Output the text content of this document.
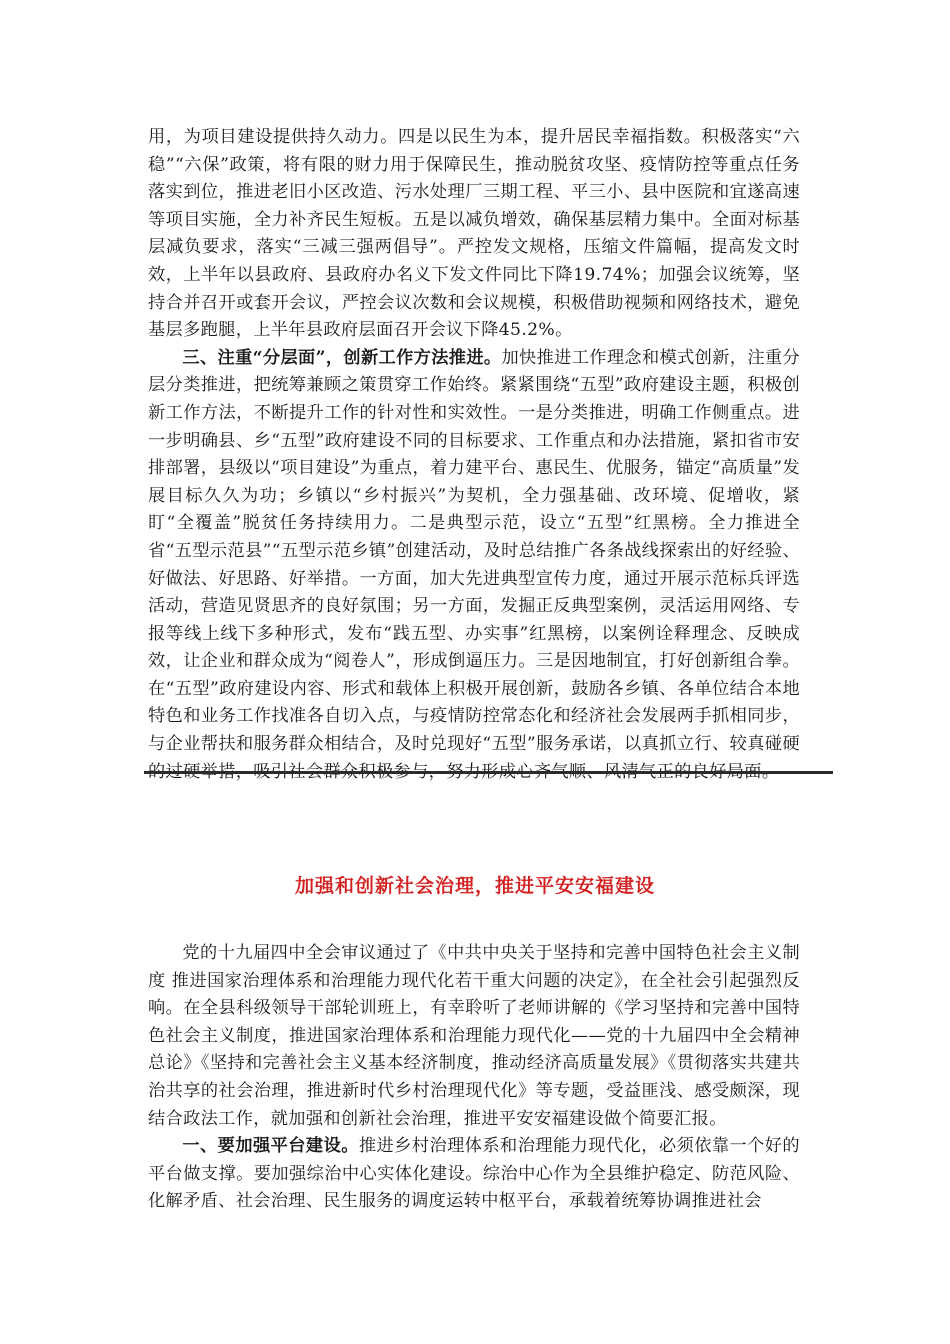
用，为项目建设提供持久动力。四是以民生为本，提升居民幸福指数。积极落实“六稳”“六保”政策，将有限的财力用于保障民生，推动脱贫攻坚、疫情防控等重点任务落实到位，推进老旧小区改造、污水处理厂三期工程、平三小、县中医院和宜遂高速等项目实施，全力补齐民生短板。五是以减负增效，确保基层精力集中。全面对标基层减负要求，落实“三减三强两倡导”。严控发文规格，压缩文件篇幅，提高发文时效，上半年以县政府、县政府办名义下发文件同比下降19.74%；加强会议统筹，坚持合并召开或套开会议，严控会议次数和会议规模，积极借助视频和网络技术，避免基层多跑腿，上半年县政府层面召开会议下降45.2%。

三、注重“分层面”，创新工作方法推进。加快推进工作理念和模式创新，注重分层分类推进，把统筹兼顾之策贯穿工作始终。紧紧围绕“五型”政府建设主题，积极创新工作方法，不断提升工作的针对性和实效性。一是分类推进，明确工作侧重点。进一步明确县、乡“五型”政府建设不同的目标要求、工作重点和办法措施，紧扣省市安排部署，县级以“项目建设”为重点，着力建平台、惠民生、优服务，锚定“高质量”发展目标久久为功；乡镇以“乡村振兴”为契机，全力强基础、改环境、促增收，紧盯“全覆盖”脱贫任务持续用力。二是典型示范，设立“五型”红黑榜。全力推进全省“五型示范县”“五型示范乡镇”创建活动，及时总结推广各条战线探索出的好经验、好做法、好思路、好举措。一方面，加大先进典型宣传力度，通过开展示范标兵评选活动，营造见贤思齐的良好氛围；另一方面，发掘正反典型案例，灵活运用网络、专报等线上线下多种形式，发布“践五型、办实事”红黑榜，以案例诠释理念、反映成效，让企业和群众成为“阅卷人”，形成倒逼压力。三是因地制宜，打好创新组合拳。在“五型”政府建设内容、形式和载体上积极开展创新，鼓励各乡镇、各单位结合本地特色和业务工作找准各自切入点，与疫情防控常态化和经济社会发展两手抓相同步，与企业帮扶和服务群众相结合，及时兑现好“五型”服务承诺，以真抓立行、较真碰硬的过硬举措，吸引社会群众积极参与，努力形成心齐气顺、风清气正的良好局面。

加强和创新社会治理，推进平安安福建设

党的十九届四中全会审议通过了《中共中央关于坚持和完善中国特色社会主义制度 推进国家治理体系和治理能力现代化若干重大问题的决定》，在全社会引起强烈反响。在全县科级领导干部轮训班上，有幸聆听了老师讲解的《学习坚持和完善中国特色社会主义制度，推进国家治理体系和治理能力现代化——党的十九届四中全会精神总论》《坚持和完善社会主义基本经济制度，推动经济高质量发展》《贯彻落实共建共治共享的社会治理，推进新时代乡村治理现代化》等专题，受益匪浅、感受颇深，现结合政法工作，就加强和创新社会治理，推进平安安福建设做个简要汇报。

一、要加强平台建设。推进乡村治理体系和治理能力现代化，必须依靠一个好的平台做支撑。要加强综治中心实体化建设。综治中心作为全县维护稳定、防范风险、化解矛盾、社会治理、民生服务的调度运转中枢平台，承载着统筹协调推进社会
